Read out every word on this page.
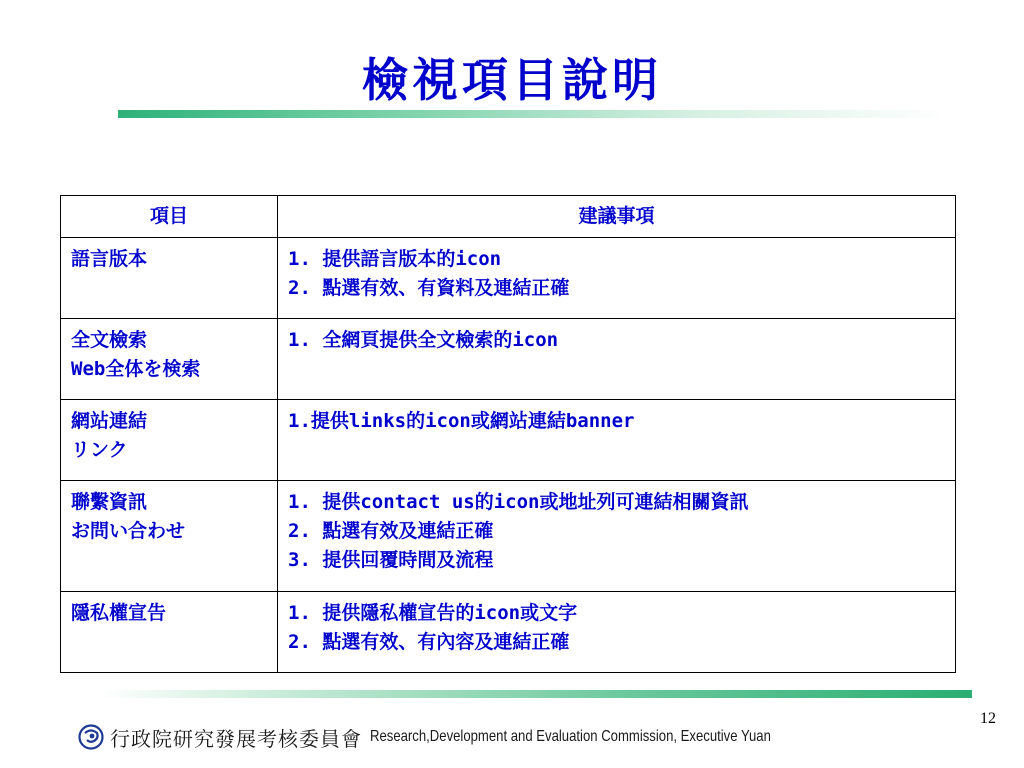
檢視項目說明
項目	建議事項

語言版本	1. 提供語言版本的icon
2. 點選有效、有資料及連結正確

全文檢索
Web全体を検索	1. 全網頁提供全文檢索的icon

網站連結
リンク	1.提供links的icon或網站連結banner

聯繫資訊
お問い合わせ	1. 提供contact us的icon或地址列可連結相關資訊
2. 點選有效及連結正確
3. 提供回覆時間及流程

隱私權宣告	1. 提供隱私權宣告的icon或文字
2. 點選有效、有內容及連結正確
12
行政院研究發展考核委員會 Research,Development and Evaluation Commission, Executive Yuan
